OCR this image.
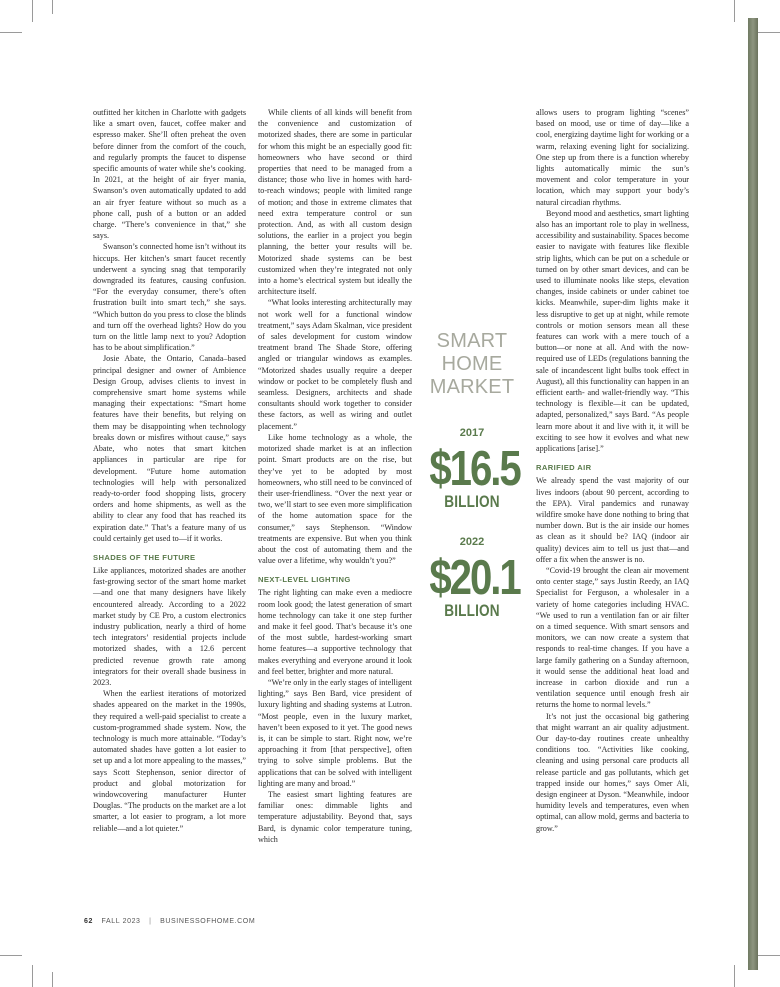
outfitted her kitchen in Charlotte with gadgets like a smart oven, faucet, coffee maker and espresso maker. She’ll often preheat the oven before dinner from the comfort of the couch, and regularly prompts the faucet to dispense specific amounts of water while she’s cooking. In 2021, at the height of air fryer mania, Swanson’s oven automatically updated to add an air fryer feature without so much as a phone call, push of a button or an added charge. “There’s convenience in that,” she says.

Swanson’s connected home isn’t without its hiccups. Her kitchen’s smart faucet recently underwent a syncing snag that temporarily downgraded its features, causing confusion. “For the everyday consumer, there’s often frustration built into smart tech,” she says. “Which button do you press to close the blinds and turn off the overhead lights? How do you turn on the little lamp next to you? Adoption has to be about simplification.”

Josie Abate, the Ontario, Canada–based principal designer and owner of Ambience Design Group, advises clients to invest in comprehensive smart home systems while managing their expectations: “Smart home features have their benefits, but relying on them may be disappointing when technology breaks down or misfires without cause,” says Abate, who notes that smart kitchen appliances in particular are ripe for development. “Future home automation technologies will help with personalized ready-to-order food shopping lists, grocery orders and home shipments, as well as the ability to clear any food that has reached its expiration date.” That’s a feature many of us could certainly get used to—if it works.

SHADES OF THE FUTURE

Like appliances, motorized shades are another fast-growing sector of the smart home market—and one that many designers have likely encountered already. According to a 2022 market study by CE Pro, a custom electronics industry publication, nearly a third of home tech integrators’ residential projects include motorized shades, with a 12.6 percent predicted revenue growth rate among integrators for their overall shade business in 2023.

When the earliest iterations of motorized shades appeared on the market in the 1990s, they required a well-paid specialist to create a custom-programmed shade system. Now, the technology is much more attainable. “Today’s automated shades have gotten a lot easier to set up and a lot more appealing to the masses,” says Scott Stephenson, senior director of product and global motorization for windowcovering manufacturer Hunter Douglas. “The products on the market are a lot smarter, a lot easier to program, a lot more reliable—and a lot quieter.”

While clients of all kinds will benefit from the convenience and customization of motorized shades, there are some in particular for whom this might be an especially good fit: homeowners who have second or third properties that need to be managed from a distance; those who live in homes with hard-to-reach windows; people with limited range of motion; and those in extreme climates that need extra temperature control or sun protection. And, as with all custom design solutions, the earlier in a project you begin planning, the better your results will be. Motorized shade systems can be best customized when they’re integrated not only into a home’s electrical system but ideally the architecture itself.

“What looks interesting architecturally may not work well for a functional window treatment,” says Adam Skalman, vice president of sales development for custom window treatment brand The Shade Store, offering angled or triangular windows as examples. “Motorized shades usually require a deeper window or pocket to be completely flush and seamless. Designers, architects and shade consultants should work together to consider these factors, as well as wiring and outlet placement.”

Like home technology as a whole, the motorized shade market is at an inflection point. Smart products are on the rise, but they’ve yet to be adopted by most homeowners, who still need to be convinced of their user-friendliness. “Over the next year or two, we’ll start to see even more simplification of the home automation space for the consumer,” says Stephenson. “Window treatments are expensive. But when you think about the cost of automating them and the value over a lifetime, why wouldn’t you?”

NEXT-LEVEL LIGHTING

The right lighting can make even a mediocre room look good; the latest generation of smart home technology can take it one step further and make it feel good. That’s because it’s one of the most subtle, hardest-working smart home features—a supportive technology that makes everything and everyone around it look and feel better, brighter and more natural.

“We’re only in the early stages of intelligent lighting,” says Ben Bard, vice president of luxury lighting and shading systems at Lutron. “Most people, even in the luxury market, haven’t been exposed to it yet. The good news is, it can be simple to start. Right now, we’re approaching it from [that perspective], often trying to solve simple problems. But the applications that can be solved with intelligent lighting are many and broad.”

The easiest smart lighting features are familiar ones: dimmable lights and temperature adjustability. Beyond that, says Bard, is dynamic color temperature tuning, which

allows users to program lighting “scenes” based on mood, use or time of day—like a cool, energizing daytime light for working or a warm, relaxing evening light for socializing. One step up from there is a function whereby lights automatically mimic the sun’s movement and color temperature in your location, which may support your body’s natural circadian rhythms.

Beyond mood and aesthetics, smart lighting also has an important role to play in wellness, accessibility and sustainability. Spaces become easier to navigate with features like flexible strip lights, which can be put on a schedule or turned on by other smart devices, and can be used to illuminate nooks like steps, elevation changes, inside cabinets or under cabinet toe kicks. Meanwhile, super-dim lights make it less disruptive to get up at night, while remote controls or motion sensors mean all these features can work with a mere touch of a button—or none at all. And with the now-required use of LEDs (regulations banning the sale of incandescent light bulbs took effect in August), all this functionality can happen in an efficient earth- and wallet-friendly way. “This technology is flexible—it can be updated, adapted, personalized,” says Bard. “As people learn more about it and live with it, it will be exciting to see how it evolves and what new applications [arise].”

RARIFIED AIR

We already spend the vast majority of our lives indoors (about 90 percent, according to the EPA). Viral pandemics and runaway wildfire smoke have done nothing to bring that number down. But is the air inside our homes as clean as it should be? IAQ (indoor air quality) devices aim to tell us just that—and offer a fix when the answer is no.

“Covid-19 brought the clean air movement onto center stage,” says Justin Reedy, an IAQ Specialist for Ferguson, a wholesaler in a variety of home categories including HVAC. “We used to run a ventilation fan or air filter on a timed sequence. With smart sensors and monitors, we can now create a system that responds to real-time changes. If you have a large family gathering on a Sunday afternoon, it would sense the additional heat load and increase in carbon dioxide and run a ventilation sequence until enough fresh air returns the home to normal levels.”

It’s not just the occasional big gathering that might warrant an air quality adjustment. Our day-to-day routines create unhealthy conditions too. “Activities like cooking, cleaning and using personal care products all release particle and gas pollutants, which get trapped inside our homes,” says Omer Ali, design engineer at Dyson. “Meanwhile, indoor humidity levels and temperatures, even when optimal, can allow mold, germs and bacteria to grow.”

SMART
HOME
MARKET
2017
$16.5
BILLION
2022
$20.1
BILLION
62 FALL 2023 | BUSINESSOFHOME.COM
